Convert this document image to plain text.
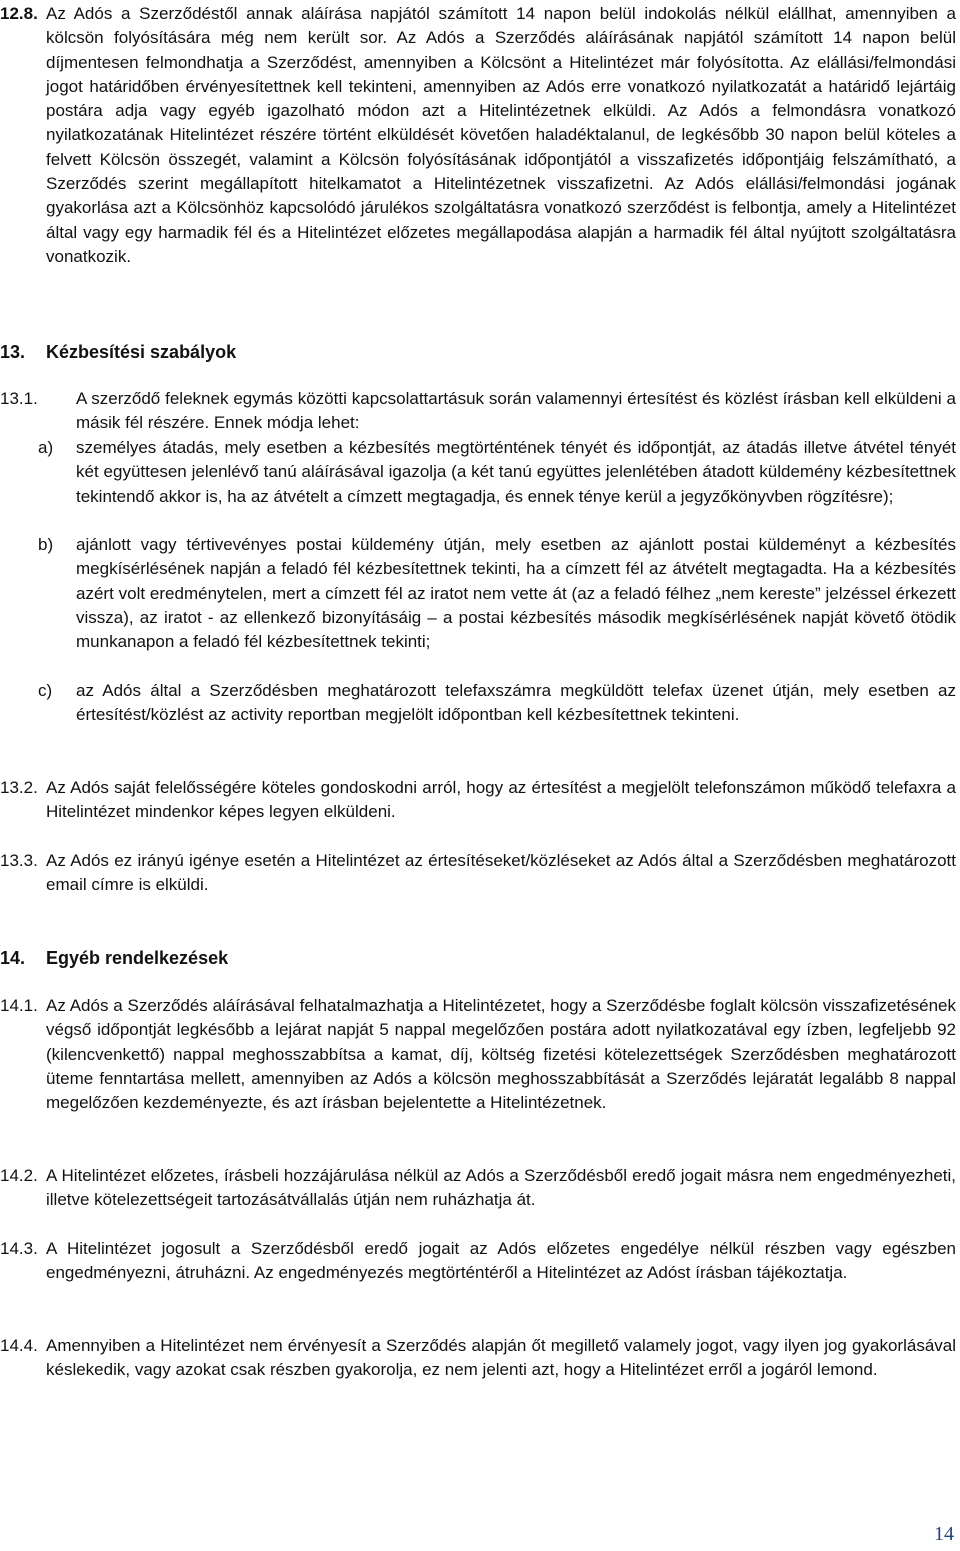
12.8. Az Adós a Szerződéstől annak aláírása napjától számított 14 napon belül indokolás nélkül elállhat, amennyiben a kölcsön folyósítására még nem került sor. Az Adós a Szerződés aláírásának napjától számított 14 napon belül díjmentesen felmondhatja a Szerződést, amennyiben a Kölcsönt a Hitelintézet már folyósította. Az elállási/felmondási jogot határidőben érvényesítettnek kell tekinteni, amennyiben az Adós erre vonatkozó nyilatkozatát a határidő lejártáig postára adja vagy egyéb igazolható módon azt a Hitelintézetnek elküldi. Az Adós a felmondásra vonatkozó nyilatkozatának Hitelintézet részére történt elküldését követően haladéktalanul, de legkésőbb 30 napon belül köteles a felvett Kölcsön összegét, valamint a Kölcsön folyósításának időpontjától a visszafizetés időpontjáig felszámítható, a Szerződés szerint megállapított hitelkamatot a Hitelintézetnek visszafizetni. Az Adós elállási/felmondási jogának gyakorlása azt a Kölcsönhöz kapcsolódó járulékos szolgáltatásra vonatkozó szerződést is felbontja, amely a Hitelintézet által vagy egy harmadik fél és a Hitelintézet előzetes megállapodása alapján a harmadik fél által nyújtott szolgáltatásra vonatkozik.
13. Kézbesítési szabályok
13.1. A szerződő feleknek egymás közötti kapcsolattartásuk során valamennyi értesítést és közlést írásban kell elküldeni a másik fél részére. Ennek módja lehet:
a) személyes átadás, mely esetben a kézbesítés megtörténtének tényét és időpontját, az átadás illetve átvétel tényét két együttesen jelenlévő tanú aláírásával igazolja (a két tanú együttes jelenlétében átadott küldemény kézbesítettnek tekintendő akkor is, ha az átvételt a címzett megtagadja, és ennek ténye kerül a jegyzőkönyvben rögzítésre);
b) ajánlott vagy tértivevényes postai küldemény útján, mely esetben az ajánlott postai küldeményt a kézbesítés megkísérlésének napján a feladó fél kézbesítettnek tekinti, ha a címzett fél az átvételt megtagadta. Ha a kézbesítés azért volt eredménytelen, mert a címzett fél az iratot nem vette át (az a feladó félhez „nem kereste” jelzéssel érkezett vissza), az iratot - az ellenkező bizonyításáig – a postai kézbesítés második megkísérlésének napját követő ötödik munkanapon a feladó fél kézbesítettnek tekinti;
c) az Adós által a Szerződésben meghatározott telefaxszámra megküldött telefax üzenet útján, mely esetben az értesítést/közlést az activity reportban megjelölt időpontban kell kézbesítettnek tekinteni.
13.2. Az Adós saját felelősségére köteles gondoskodni arról, hogy az értesítést a megjelölt telefonszámon működő telefaxra a Hitelintézet mindenkor képes legyen elküldeni.
13.3. Az Adós ez irányú igénye esetén a Hitelintézet az értesítéseket/közléseket az Adós által a Szerződésben meghatározott email címre is elküldi.
14. Egyéb rendelkezések
14.1. Az Adós a Szerződés aláírásával felhatalmazhatja a Hitelintézetet, hogy a Szerződésbe foglalt kölcsön visszafizetésének végső időpontját legkésőbb a lejárat napját 5 nappal megelőzően postára adott nyilatkozatával egy ízben, legfeljebb 92 (kilencvenkettő) nappal meghosszabbítsa a kamat, díj, költség fizetési kötelezettségek Szerződésben meghatározott üteme fenntartása mellett, amennyiben az Adós a kölcsön meghosszabbítását a Szerződés lejáratát legalább 8 nappal megelőzően kezdeményezte, és azt írásban bejelentette a Hitelintézetnek.
14.2. A Hitelintézet előzetes, írásbeli hozzájárulása nélkül az Adós a Szerződésből eredő jogait másra nem engedményezheti, illetve kötelezettségeit tartozásátvállalás útján nem ruházhatja át.
14.3. A Hitelintézet jogosult a Szerződésből eredő jogait az Adós előzetes engedélye nélkül részben vagy egészben engedményezni, átruházni. Az engedményezés megtörténtéről a Hitelintézet az Adóst írásban tájékoztatja.
14.4. Amennyiben a Hitelintézet nem érvényesít a Szerződés alapján őt megillető valamely jogot, vagy ilyen jog gyakorlásával késlekedik, vagy azokat csak részben gyakorolja, ez nem jelenti azt, hogy a Hitelintézet erről a jogáról lemond.
14
